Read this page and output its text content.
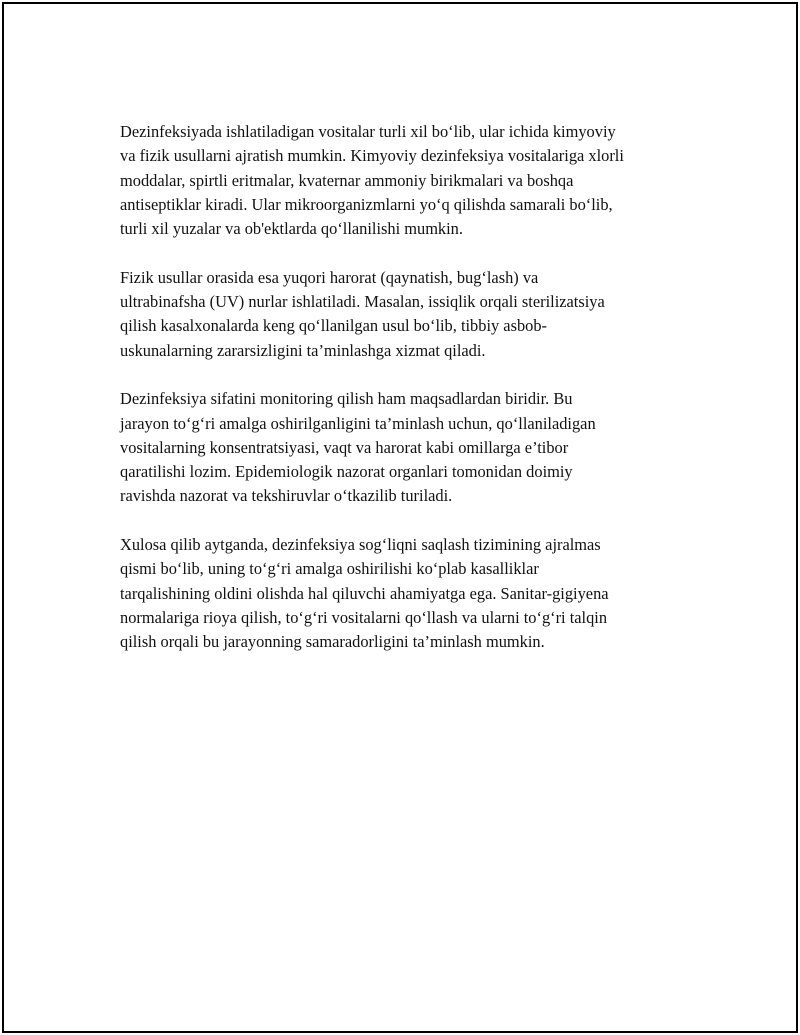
Dezinfeksiyada ishlatiladigan vositalar turli xil bo‘lib, ular ichida kimyoviy
va fizik usullarni ajratish mumkin. Kimyoviy dezinfeksiya vositalariga xlorli
moddalar, spirtli eritmalar, kvaternar ammoniy birikmalari va boshqa
antiseptiklar kiradi. Ular mikroorganizmlarni yo‘q qilishda samarali bo‘lib,
turli xil yuzalar va ob'ektlarda qo‘llanilishi mumkin.

Fizik usullar orasida esa yuqori harorat (qaynatish, bug‘lash) va
ultrabinafsha (UV) nurlar ishlatiladi. Masalan, issiqlik orqali sterilizatsiya
qilish kasalxonalarda keng qo‘llanilgan usul bo‘lib, tibbiy asbob-
uskunalarning zararsizligini ta’minlashga xizmat qiladi.

Dezinfeksiya sifatini monitoring qilish ham maqsadlardan biridir. Bu
jarayon to‘g‘ri amalga oshirilganligini ta’minlash uchun, qo‘llaniladigan
vositalarning konsentratsiyasi, vaqt va harorat kabi omillarga e’tibor
qaratilishi lozim. Epidemiologik nazorat organlari tomonidan doimiy
ravishda nazorat va tekshiruvlar o‘tkazilib turiladi.

Xulosa qilib aytganda, dezinfeksiya sog‘liqni saqlash tizimining ajralmas
qismi bo‘lib, uning to‘g‘ri amalga oshirilishi ko‘plab kasalliklar
tarqalishining oldini olishda hal qiluvchi ahamiyatga ega. Sanitar-gigiyena
normalariga rioya qilish, to‘g‘ri vositalarni qo‘llash va ularni to‘g‘ri talqin
qilish orqali bu jarayonning samaradorligini ta’minlash mumkin.
